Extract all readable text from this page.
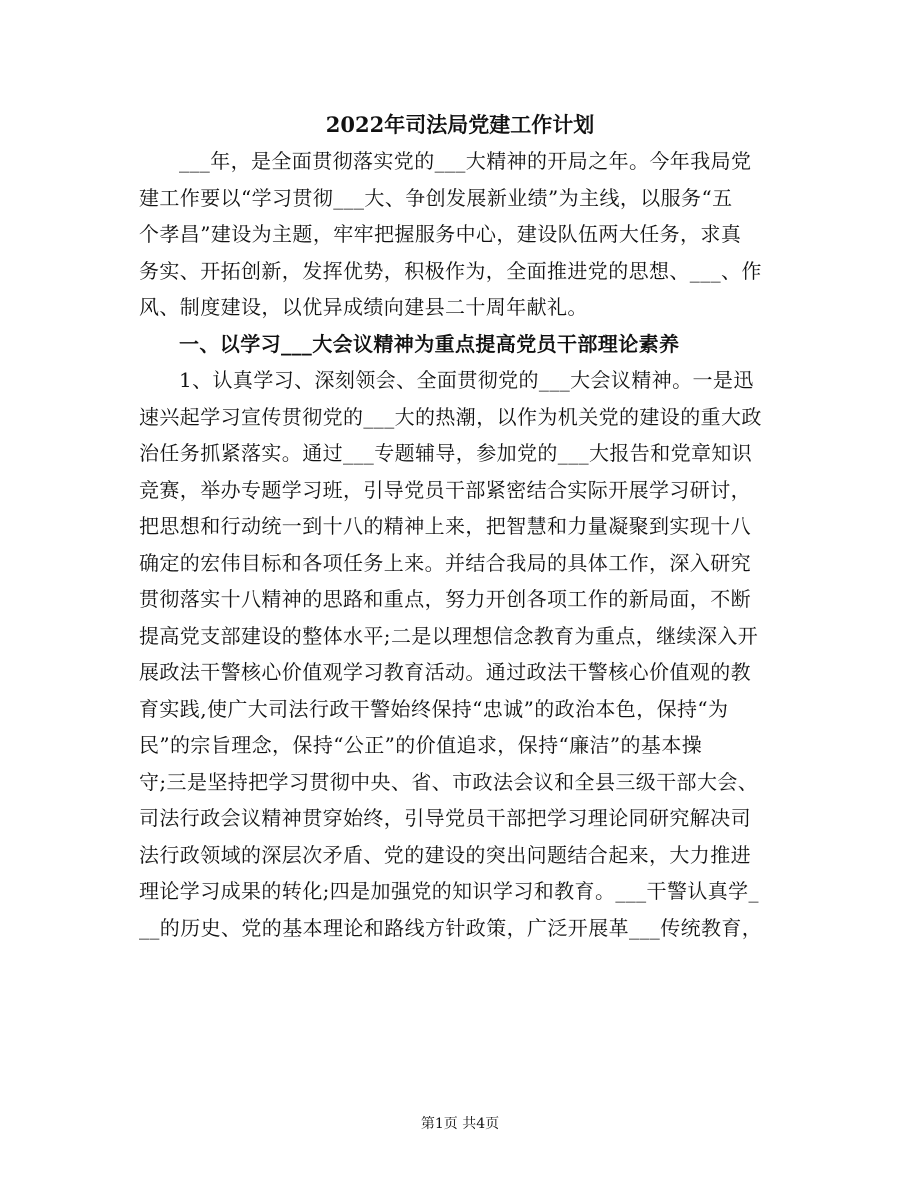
2022年司法局党建工作计划
___年，是全面贯彻落实党的___大精神的开局之年。今年我局党
建工作要以“学习贯彻___大、争创发展新业绩”为主线，以服务“五
个孝昌”建设为主题，牢牢把握服务中心，建设队伍两大任务，求真
务实、开拓创新，发挥优势，积极作为，全面推进党的思想、___、作
风、制度建设，以优异成绩向建县二十周年献礼。
一、以学习___大会议精神为重点提高党员干部理论素养
1、认真学习、深刻领会、全面贯彻党的___大会议精神。一是迅
速兴起学习宣传贯彻党的___大的热潮，以作为机关党的建设的重大政
治任务抓紧落实。通过___专题辅导，参加党的___大报告和党章知识
竞赛，举办专题学习班，引导党员干部紧密结合实际开展学习研讨，
把思想和行动统一到十八的精神上来，把智慧和力量凝聚到实现十八
确定的宏伟目标和各项任务上来。并结合我局的具体工作，深入研究
贯彻落实十八精神的思路和重点，努力开创各项工作的新局面，不断
提高党支部建设的整体水平;二是以理想信念教育为重点，继续深入开
展政法干警核心价值观学习教育活动。通过政法干警核心价值观的教
育实践,使广大司法行政干警始终保持“忠诚”的政治本色，保持“为
民”的宗旨理念，保持“公正”的价值追求，保持“廉洁”的基本操
守;三是坚持把学习贯彻中央、省、市政法会议和全县三级干部大会、
司法行政会议精神贯穿始终，引导党员干部把学习理论同研究解决司
法行政领域的深层次矛盾、党的建设的突出问题结合起来，大力推进
理论学习成果的转化;四是加强党的知识学习和教育。___干警认真学_
__的历史、党的基本理论和路线方针政策，广泛开展革___传统教育，
第1页 共4页
